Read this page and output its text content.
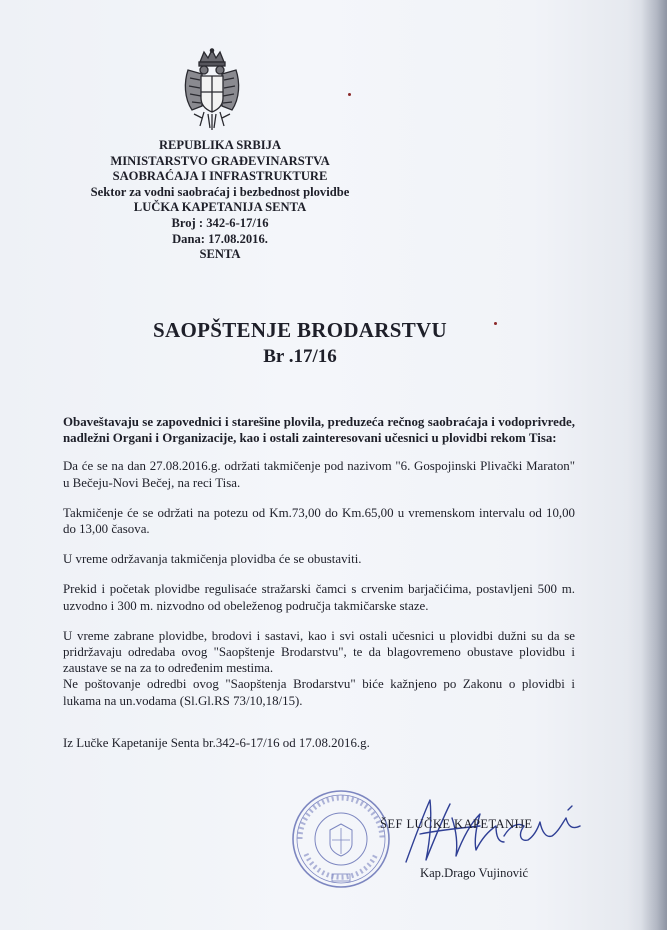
REPUBLIKA SRBIJA
MINISTARSTVO GRAĐEVINARSTVA
SAOBRAĆAJA I INFRASTRUKTURE
Sektor za vodni saobraćaj i bezbednost plovidbe
LUČKA KAPETANIJA SENTA
Broj : 342-6-17/16
Dana: 17.08.2016.
SENTA
SAOPŠTENJE BRODARSTVU
Br .17/16

Obaveštavaju se zapovednici i starešine plovila, preduzeća rečnog saobraćaja i vodoprivrede, nadležni Organi i Organizacije, kao i ostali zainteresovani učesnici u plovidbi rekom Tisa:

Da će se na dan 27.08.2016.g. održati takmičenje pod nazivom "6. Gospojinski Plivački Maraton" u Bečeju-Novi Bečej, na reci Tisa.

Takmičenje će se održati na potezu od Km.73,00 do Km.65,00 u vremenskom intervalu od 10,00 do 13,00 časova.

U vreme održavanja takmičenja plovidba će se obustaviti.

Prekid i početak plovidbe regulisaće stražarski čamci s crvenim barjačićima, postavljeni 500 m. uzvodno i 300 m. nizvodno od obeleženog područja takmičarske staze.

U vreme zabrane plovidbe, brodovi i sastavi, kao i svi ostali učesnici u plovidbi dužni su da se pridržavaju odredaba ovog "Saopštenje Brodarstvu", te da blagovremeno obustave plovidbu i zaustave se na za to određenim mestima.

Ne poštovanje odredbi ovog "Saopštenja Brodarstvu" biće kažnjeno po Zakonu o plovidbi i lukama na un.vodama (Sl.Gl.RS 73/10,18/15).

Iz Lučke Kapetanije Senta br.342-6-17/16 od 17.08.2016.g.

ŠEF LUČKE KAPETANIJE
Kap.Drago Vujinović
